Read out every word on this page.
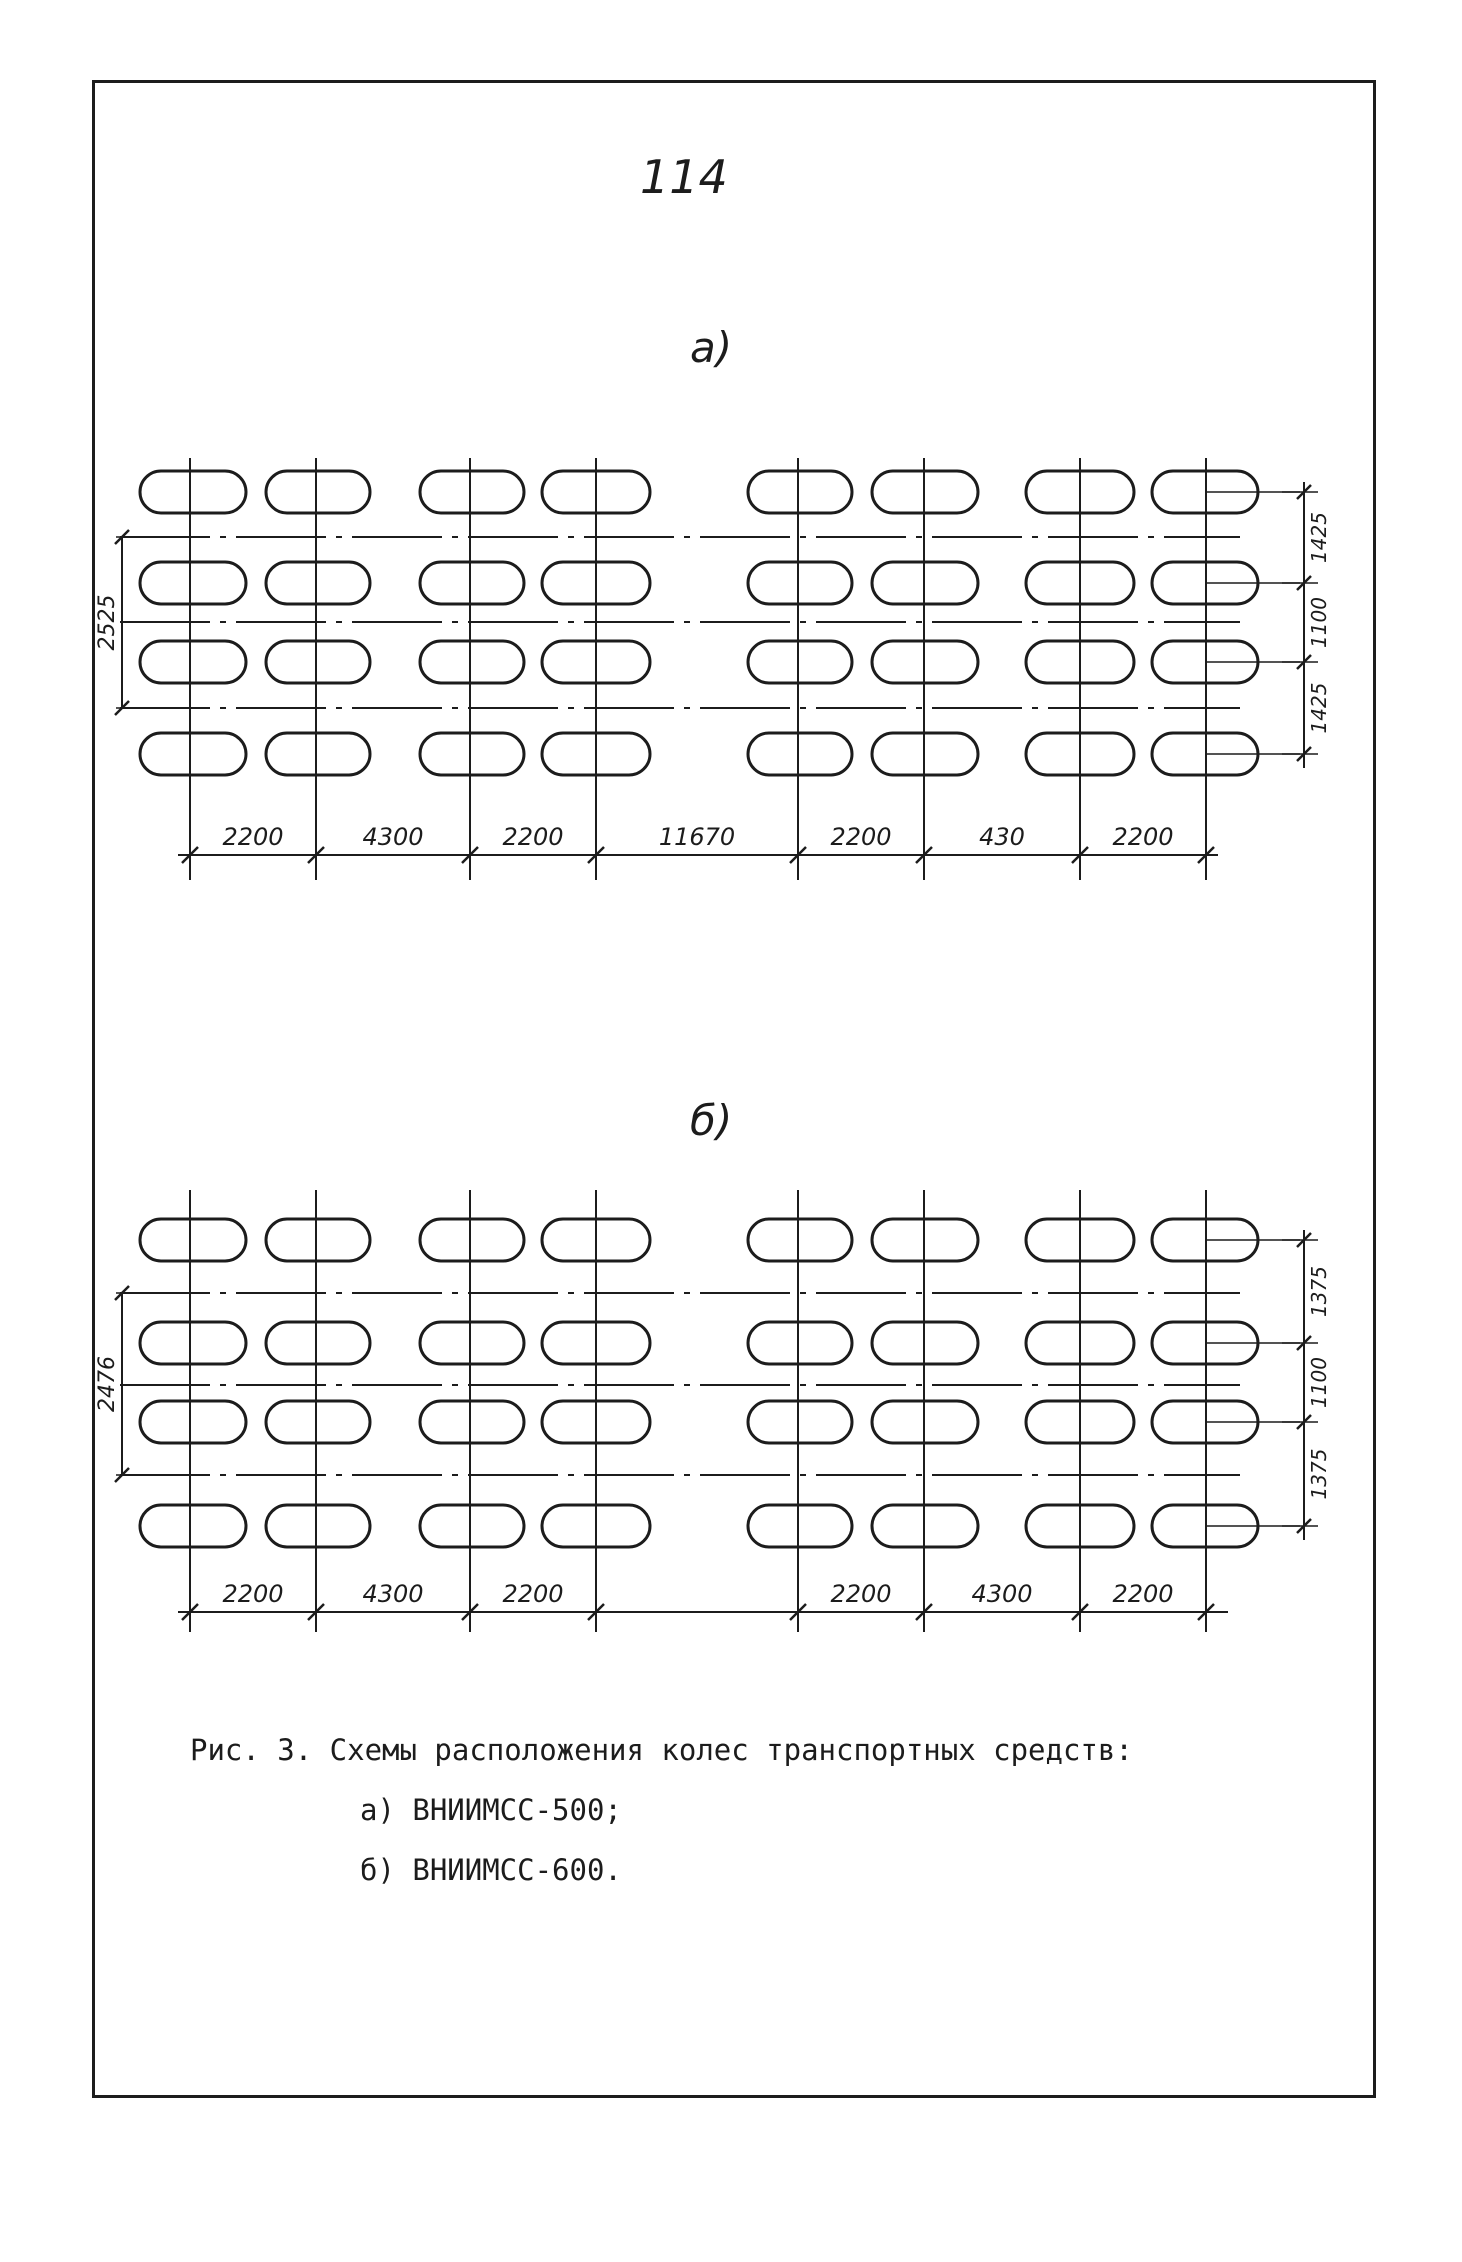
114
а)
2200	4300	2200	11670	2200	430	2200
1425
1100
1425
2525
б)
2200	4300	2200	2200	4300	2200
1375
1100
1375
2476
Рис. 3. Схемы расположения колес транспортных средств:
а) ВНИИМСС-500;
б) ВНИИМСС-600.
